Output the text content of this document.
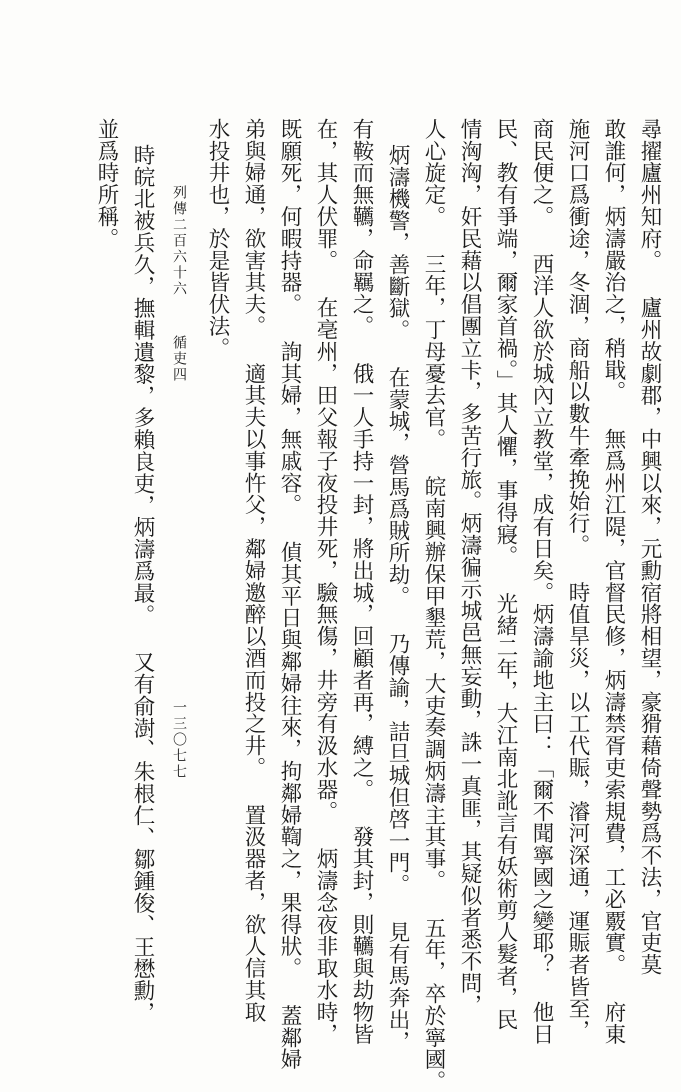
尋擢廬州知府。 廬州故劇郡，中興以來，元勳宿將相望，豪猾藉倚聲勢爲不法，官吏莫
敢誰何，炳濤嚴治之，稍戢。 無爲州江隄，官督民修，炳濤禁胥吏索規費，工必覈實。 府東
施河口爲衝途，冬涸，商船以數牛牽挽始行。 時值旱災，以工代賑，濬河深通，運賑者皆至，
商民便之。 西洋人欲於城內立教堂，成有日矣。炳濤諭地主曰：「爾不聞寧國之變耶？ 他日
民、教有爭端，爾家首禍。」其人懼，事得寢。 光緒二年，大江南北訛言有妖術剪人髮者，民
情洶洶，奸民藉以倡團立卡，多苦行旅。炳濤徧示城邑無妄動，誅一真匪，其疑似者悉不問，
人心旋定。 三年，丁母憂去官。 皖南興辦保甲墾荒，大吏奏調炳濤主其事。 五年，卒於寧國。
炳濤機警，善斷獄。 在蒙城，營馬爲賊所劫。 乃傳諭，詰旦城但啓一門。 見有馬奔出，
有鞍而無韉，命羈之。 俄一人手持一封，將出城，回顧者再，縛之。 發其封，則韉與劫物皆
在，其人伏罪。 在亳州，田父報子夜投井死，驗無傷，井旁有汲水器。 炳濤念夜非取水時，
既願死，何暇持器。 詢其婦，無戚容。 偵其平日與鄰婦往來，拘鄰婦鞫之，果得狀。 蓋鄰婦
弟與婦通，欲害其夫。 適其夫以事忤父，鄰婦邀醉以酒而投之井。 置汲器者，欲人信其取
水投井也，於是皆伏法。
列傳二百六十六
循吏四
一三〇七七
時皖北被兵久，撫輯遺黎，多賴良吏，炳濤爲最。 又有俞澍、朱根仁、鄒鍾俊、王懋勳，
並爲時所稱。
